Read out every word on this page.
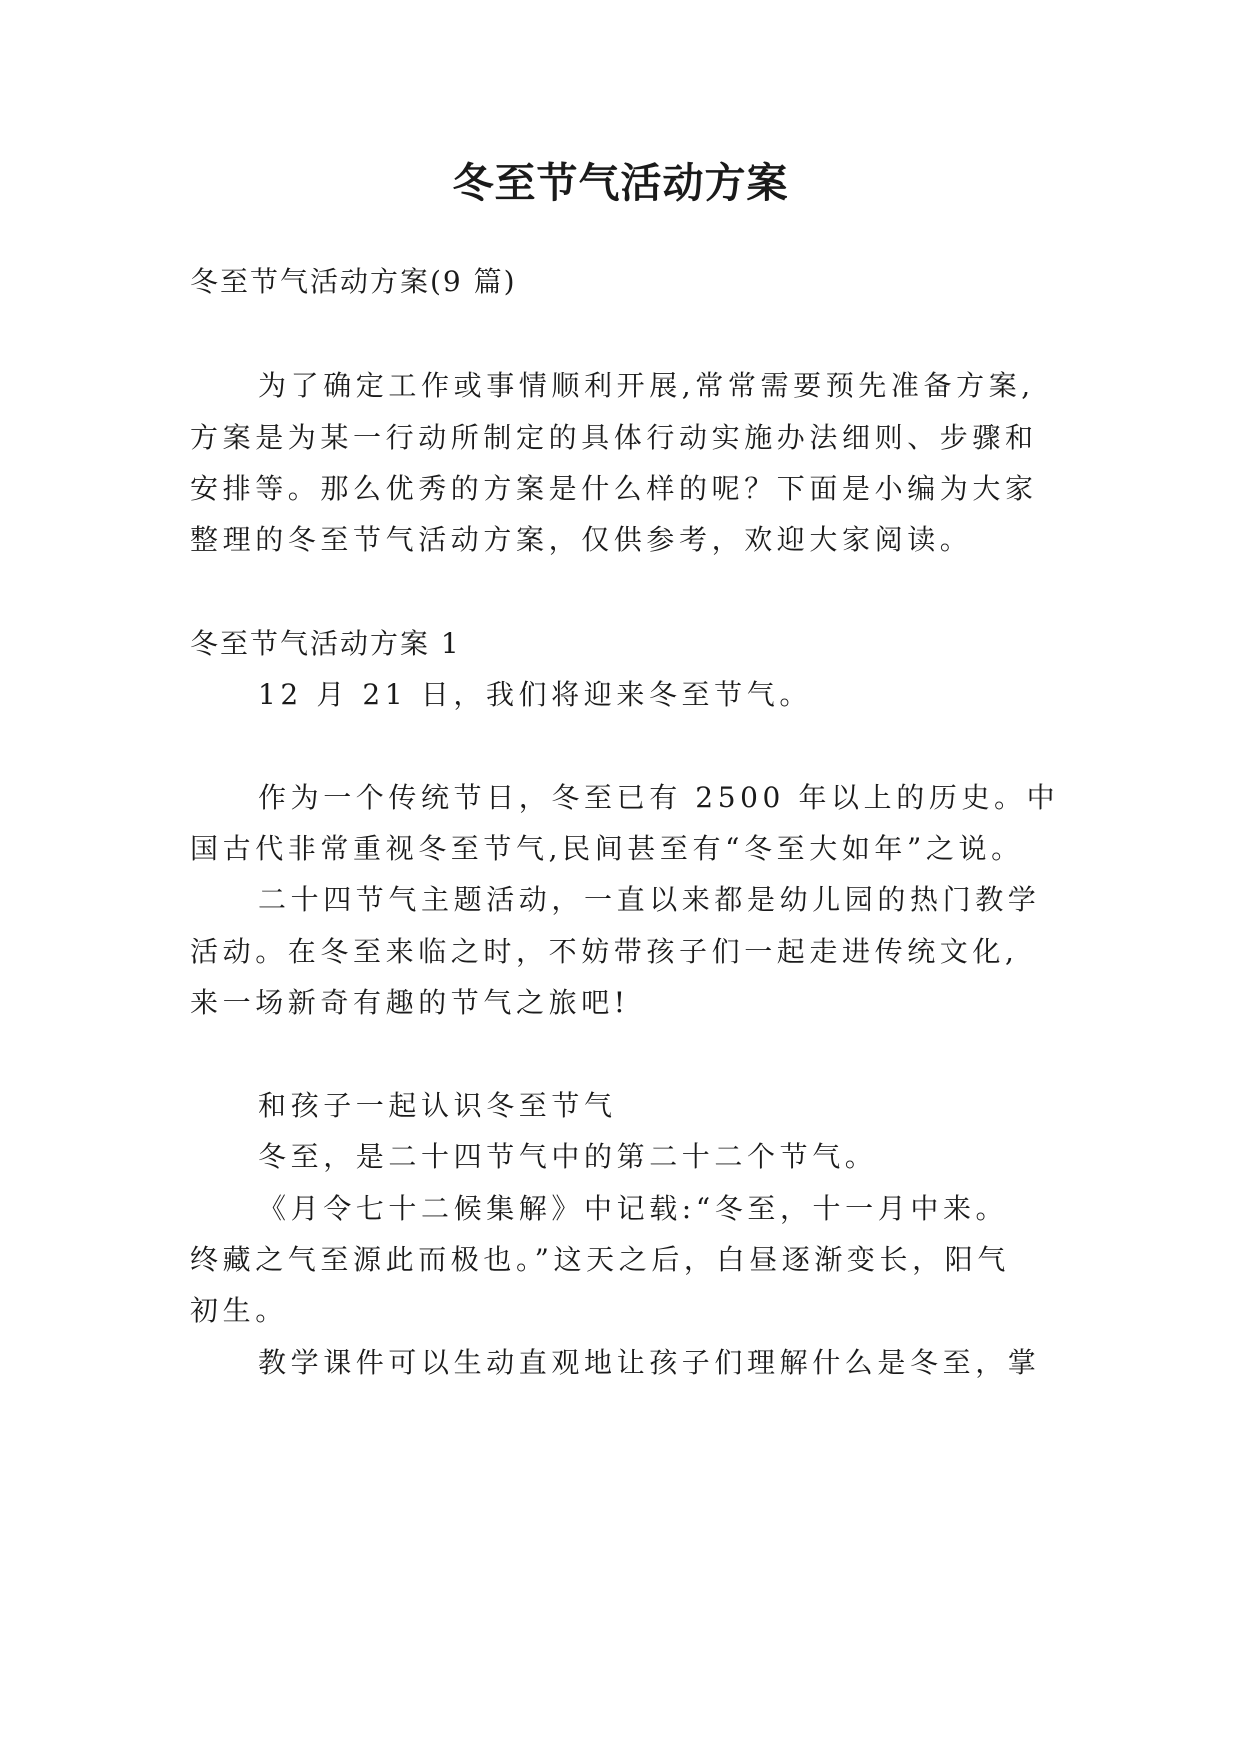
冬至节气活动方案

冬至节气活动方案(9 篇)

为了确定工作或事情顺利开展,常常需要预先准备方案,

方案是为某一行动所制定的具体行动实施办法细则、步骤和

安排等。那么优秀的方案是什么样的呢？下面是小编为大家

整理的冬至节气活动方案，仅供参考，欢迎大家阅读。

冬至节气活动方案 1

12 月 21 日，我们将迎来冬至节气。

作为一个传统节日，冬至已有 2500 年以上的历史。中

国古代非常重视冬至节气,民间甚至有“冬至大如年”之说。

二十四节气主题活动，一直以来都是幼儿园的热门教学

活动。在冬至来临之时，不妨带孩子们一起走进传统文化,

来一场新奇有趣的节气之旅吧!

和孩子一起认识冬至节气

冬至，是二十四节气中的第二十二个节气。

《月令七十二候集解》中记载:“冬至，十一月中来。

终藏之气至源此而极也。”这天之后，白昼逐渐变长，阳气

初生。

教学课件可以生动直观地让孩子们理解什么是冬至，掌
